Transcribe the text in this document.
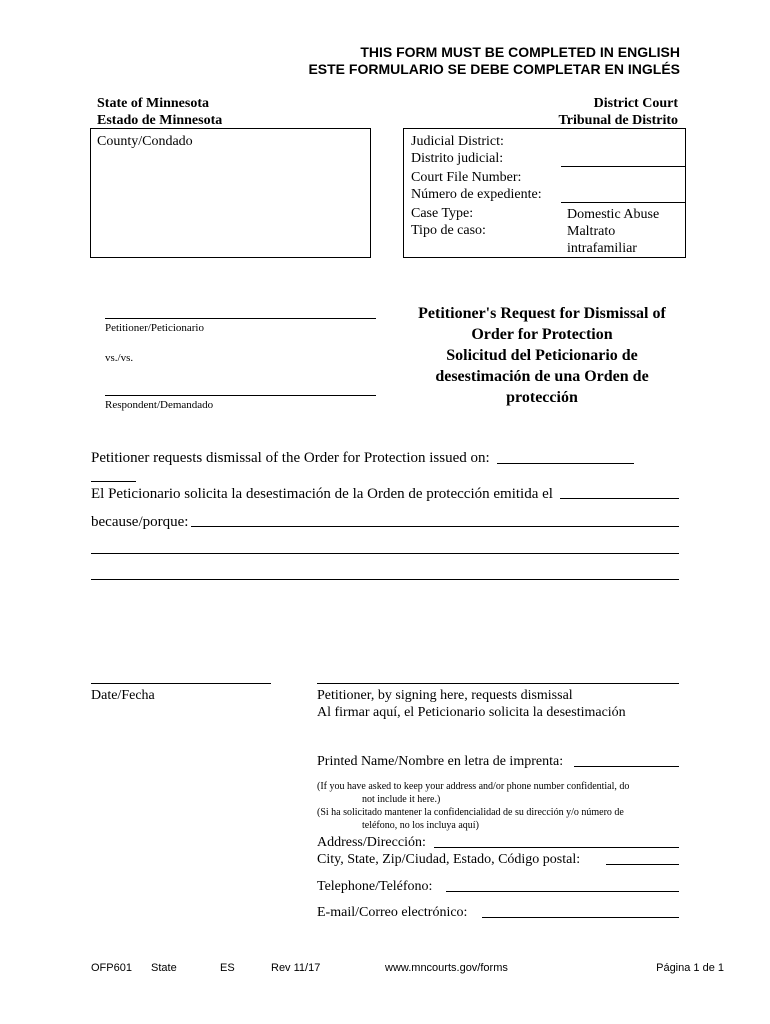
THIS FORM MUST BE COMPLETED IN ENGLISH
ESTE FORMULARIO SE DEBE COMPLETAR EN INGLÉS
State of Minnesota
Estado de Minnesota
District Court
Tribunal de Distrito
County/Condado	Judicial District:
Distrito judicial:
Court File Number:
Número de expediente:
Case Type:
Tipo de caso:
Domestic Abuse
Maltrato
intrafamiliar
Petitioner/Peticionario
vs./vs.
Respondent/Demandado
Petitioner's Request for Dismissal of
Order for Protection
Solicitud del Peticionario de
desestimación de una Orden de
protección
Petitioner requests dismissal of the Order for Protection issued on:
El Peticionario solicita la desestimación de la Orden de protección emitida el
because/porque:
Date/Fecha	Petitioner, by signing here, requests dismissal
Al firmar aquí, el Peticionario solicita la desestimación
Printed Name/Nombre en letra de imprenta:
(If you have asked to keep your address and/or phone number confidential, do
not include it here.)
(Si ha solicitado mantener la confidencialidad de su dirección y/o número de
teléfono, no los incluya aquí)
Address/Dirección:
City, State, Zip/Ciudad, Estado, Código postal:
Telephone/Teléfono:
E-mail/Correo electrónico:
OFP601 State	ES	Rev 11/17	www.mncourts.gov/forms	Página 1 de 1
